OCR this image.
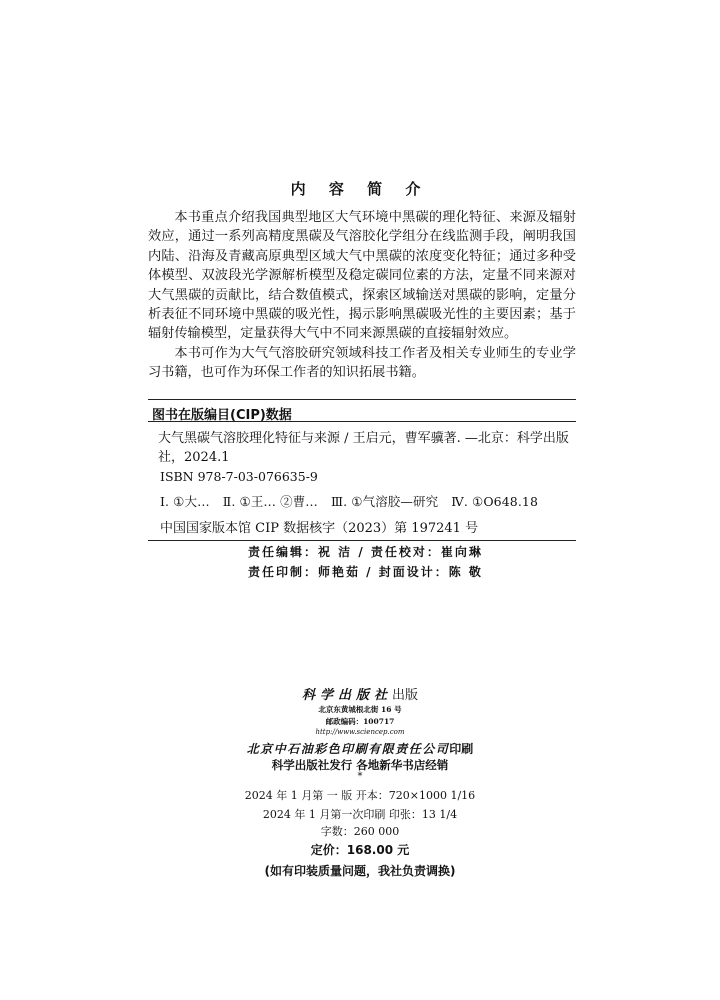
内 容 简 介

本书重点介绍我国典型地区大气环境中黑碳的理化特征、来源及辐射效应，通过一系列高精度黑碳及气溶胶化学组分在线监测手段，阐明我国内陆、沿海及青藏高原典型区域大气中黑碳的浓度变化特征；通过多种受体模型、双波段光学源解析模型及稳定碳同位素的方法，定量不同来源对大气黑碳的贡献比，结合数值模式，探索区域输送对黑碳的影响，定量分析表征不同环境中黑碳的吸光性，揭示影响黑碳吸光性的主要因素；基于辐射传输模型，定量获得大气中不同来源黑碳的直接辐射效应。

本书可作为大气气溶胶研究领域科技工作者及相关专业师生的专业学习书籍，也可作为环保工作者的知识拓展书籍。

图书在版编目(CIP)数据
大气黑碳气溶胶理化特征与来源 / 王启元，曹军骥著. —北京：科学出版社，2024.1
ISBN 978-7-03-076635-9
Ⅰ. ①大… Ⅱ. ①王… ②曹… Ⅲ. ①气溶胶—研究 Ⅳ. ①O648.18
中国国家版本馆 CIP 数据核字（2023）第 197241 号
责任编辑：祝 洁 / 责任校对：崔向琳
责任印制：师艳茹 / 封面设计：陈 敬
科学出版社出版
北京东黄城根北街 16 号
邮政编码：100717
http://www.sciencep.com
北京中石油彩色印刷有限责任公司印刷
科学出版社发行 各地新华书店经销
*
2024 年 1 月第 一 版 开本：720×1000 1/16
2024 年 1 月第一次印刷 印张：13 1/4
字数：260 000
定价：168.00 元
(如有印装质量问题，我社负责调换)
